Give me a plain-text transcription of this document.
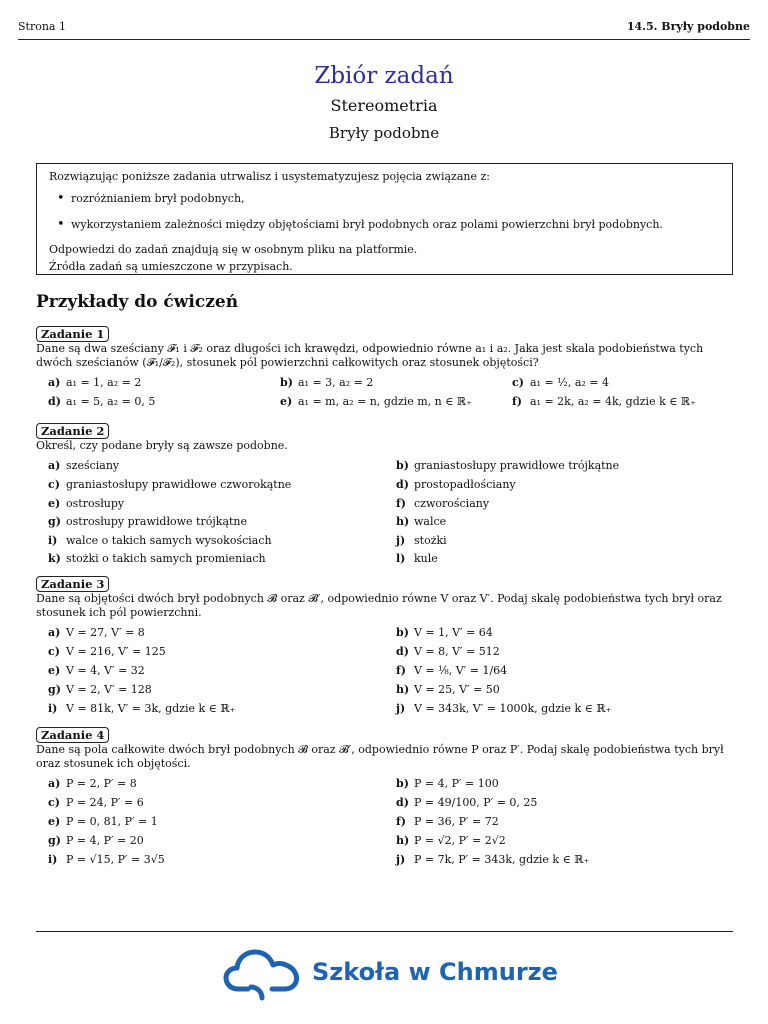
Strona 1	14.5. Bryły podobne
Zbiór zadań
Stereometria
Bryły podobne

Rozwiązując poniższe zadania utrwalisz i usystematyzujesz pojęcia związane z:

• rozróżnianiem brył podobnych,
• wykorzystaniem zależności między objętościami brył podobnych oraz polami powierzchni brył podobnych.

Odpowiedzi do zadań znajdują się w osobnym pliku na platformie.

Źródła zadań są umieszczone w przypisach.

Przykłady do ćwiczeń
Zadanie 1
Dane są dwa sześciany 𝓕₁ i 𝓕₂ oraz długości ich krawędzi, odpowiednio równe a₁ i a₂. Jaka jest skala podobieństwa tych
dwóch sześcianów (𝓕₁/𝓕₂), stosunek pól powierzchni całkowitych oraz stosunek objętości?
a) a₁ = 1, a₂ = 2	b) a₁ = 3, a₂ = 2	c) a₁ = ½, a₂ = 4
d) a₁ = 5, a₂ = 0, 5	e) a₁ = m, a₂ = n, gdzie m, n ∈ ℝ₊	f) a₁ = 2k, a₂ = 4k, gdzie k ∈ ℝ₊
Zadanie 2
Określ, czy podane bryły są zawsze podobne.
a) sześciany	b) graniastosłupy prawidłowe trójkątne
c) graniastosłupy prawidłowe czworokątne	d) prostopadłościany
e) ostrosłupy	f) czworościany
g) ostrosłupy prawidłowe trójkątne	h) walce
i) walce o takich samych wysokościach	j) stożki
k) stożki o takich samych promieniach	l) kule
Zadanie 3
Dane są objętości dwóch brył podobnych 𝓑 oraz 𝓑′, odpowiednio równe V oraz V′. Podaj skalę podobieństwa tych brył oraz
stosunek ich pól powierzchni.
a) V = 27, V′ = 8	b) V = 1, V′ = 64
c) V = 216, V′ = 125	d) V = 8, V′ = 512
e) V = 4, V′ = 32	f) V = ⅛, V′ = 1/64
g) V = 2, V′ = 128	h) V = 25, V′ = 50
i) V = 81k, V′ = 3k, gdzie k ∈ ℝ₊	j) V = 343k, V′ = 1000k, gdzie k ∈ ℝ₊
Zadanie 4
Dane są pola całkowite dwóch brył podobnych 𝓑 oraz 𝓑′, odpowiednio równe P oraz P′. Podaj skalę podobieństwa tych brył
oraz stosunek ich objętości.
a) P = 2, P′ = 8	b) P = 4, P′ = 100
c) P = 24, P′ = 6	d) P = 49/100, P′ = 0, 25
e) P = 0, 81, P′ = 1	f) P = 36, P′ = 72
g) P = 4, P′ = 20	h) P = √2, P′ = 2√2
i) P = √15, P′ = 3√5	j) P = 7k, P′ = 343k, gdzie k ∈ ℝ₊
Szkoła w Chmurze
